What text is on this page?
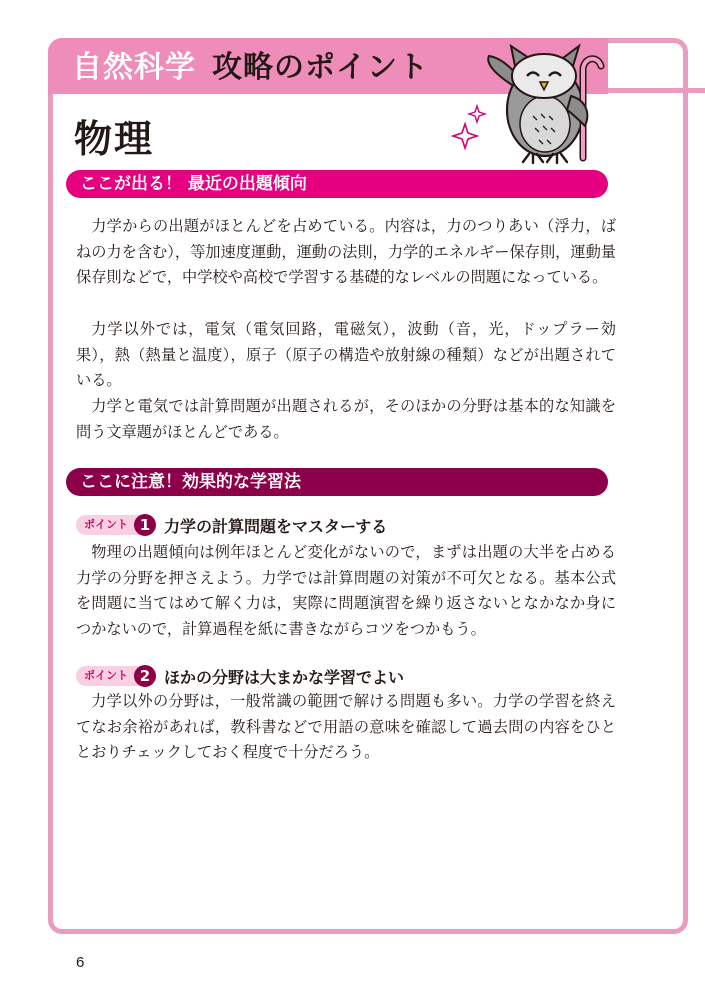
自然科学 攻略のポイント
物理
ここが出る！ 最近の出題傾向

力学からの出題がほとんどを占めている。内容は，力のつりあい（浮力，ばねの力を含む），等加速度運動，運動の法則，力学的エネルギー保存則，運動量保存則などで，中学校や高校で学習する基礎的なレベルの問題になっている。

力学以外では，電気（電気回路，電磁気），波動（音，光，ドップラー効果），熱（熱量と温度），原子（原子の構造や放射線の種類）などが出題されている。

力学と電気では計算問題が出題されるが，そのほかの分野は基本的な知識を問う文章題がほとんどである。

ここに注意！効果的な学習法
ポイント 1 力学の計算問題をマスターする

物理の出題傾向は例年ほとんど変化がないので，まずは出題の大半を占める力学の分野を押さえよう。力学では計算問題の対策が不可欠となる。基本公式を問題に当てはめて解く力は，実際に問題演習を繰り返さないとなかなか身につかないので，計算過程を紙に書きながらコツをつかもう。

ポイント 2 ほかの分野は大まかな学習でよい

力学以外の分野は，一般常識の範囲で解ける問題も多い。力学の学習を終えてなお余裕があれば，教科書などで用語の意味を確認して過去問の内容をひととおりチェックしておく程度で十分だろう。

6
